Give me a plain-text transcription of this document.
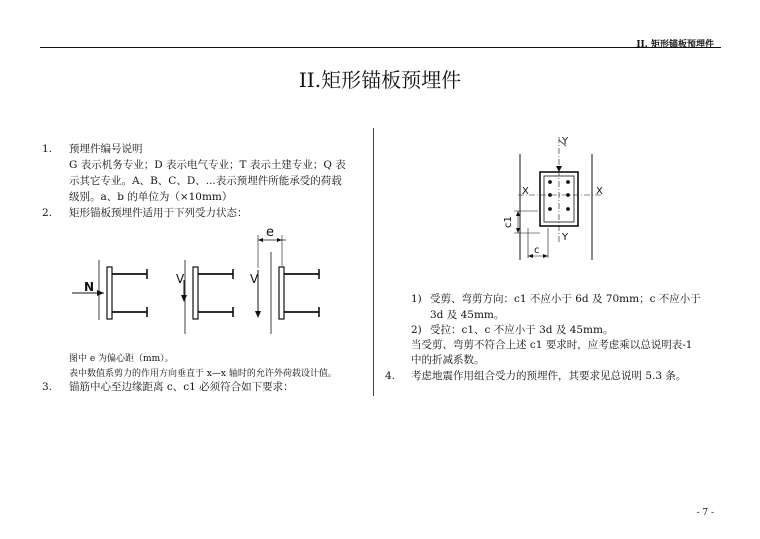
II. 矩形锚板预埋件
II.矩形锚板预埋件
1. 预埋件编号说明
G 表示机务专业；D 表示电气专业；T 表示土建专业；Q 表
示其它专业。A、B、C、D、...表示预埋件所能承受的荷载
级别。a、b 的单位为（×10mm）
2. 矩形锚板预埋件适用于下列受力状态：
N
V	V
e
图中 e 为偏心距（mm）。
表中数值系剪力的作用方向垂直于 x—x 轴时的允许外荷载设计值。
3. 锚筋中心至边缘距离 c、c1 必须符合如下要求：
Y
Y
X	X
c1
c
1) 受剪、弯剪方向：c1 不应小于 6d 及 70mm；c 不应小于
3d 及 45mm。
2) 受拉：c1、c 不应小于 3d 及 45mm。
当受剪、弯剪不符合上述 c1 要求时，应考虑乘以总说明表-1
中的折减系数。
4. 考虑地震作用组合受力的预埋件，其要求见总说明 5.3 条。
- 7 -
